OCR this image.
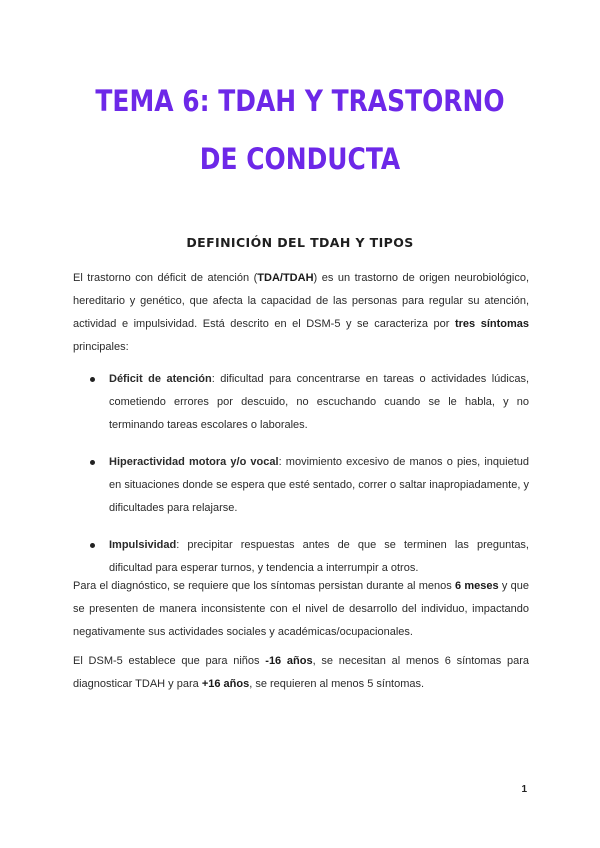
TEMA 6: TDAH Y TRASTORNO
DE CONDUCTA
DEFINICIÓN DEL TDAH Y TIPOS
El trastorno con déficit de atención (TDA/TDAH) es un trastorno de origen neurobiológico, hereditario y genético, que afecta la capacidad de las personas para regular su atención, actividad e impulsividad. Está descrito en el DSM-5 y se caracteriza por tres síntomas principales:
Déficit de atención: dificultad para concentrarse en tareas o actividades lúdicas, cometiendo errores por descuido, no escuchando cuando se le habla, y no terminando tareas escolares o laborales.
Hiperactividad motora y/o vocal: movimiento excesivo de manos o pies, inquietud en situaciones donde se espera que esté sentado, correr o saltar inapropiadamente, y dificultades para relajarse.
Impulsividad: precipitar respuestas antes de que se terminen las preguntas, dificultad para esperar turnos, y tendencia a interrumpir a otros.
Para el diagnóstico, se requiere que los síntomas persistan durante al menos 6 meses y que se presenten de manera inconsistente con el nivel de desarrollo del individuo, impactando negativamente sus actividades sociales y académicas/ocupacionales.
El DSM-5 establece que para niños -16 años, se necesitan al menos 6 síntomas para diagnosticar TDAH y para +16 años, se requieren al menos 5 síntomas.
1
